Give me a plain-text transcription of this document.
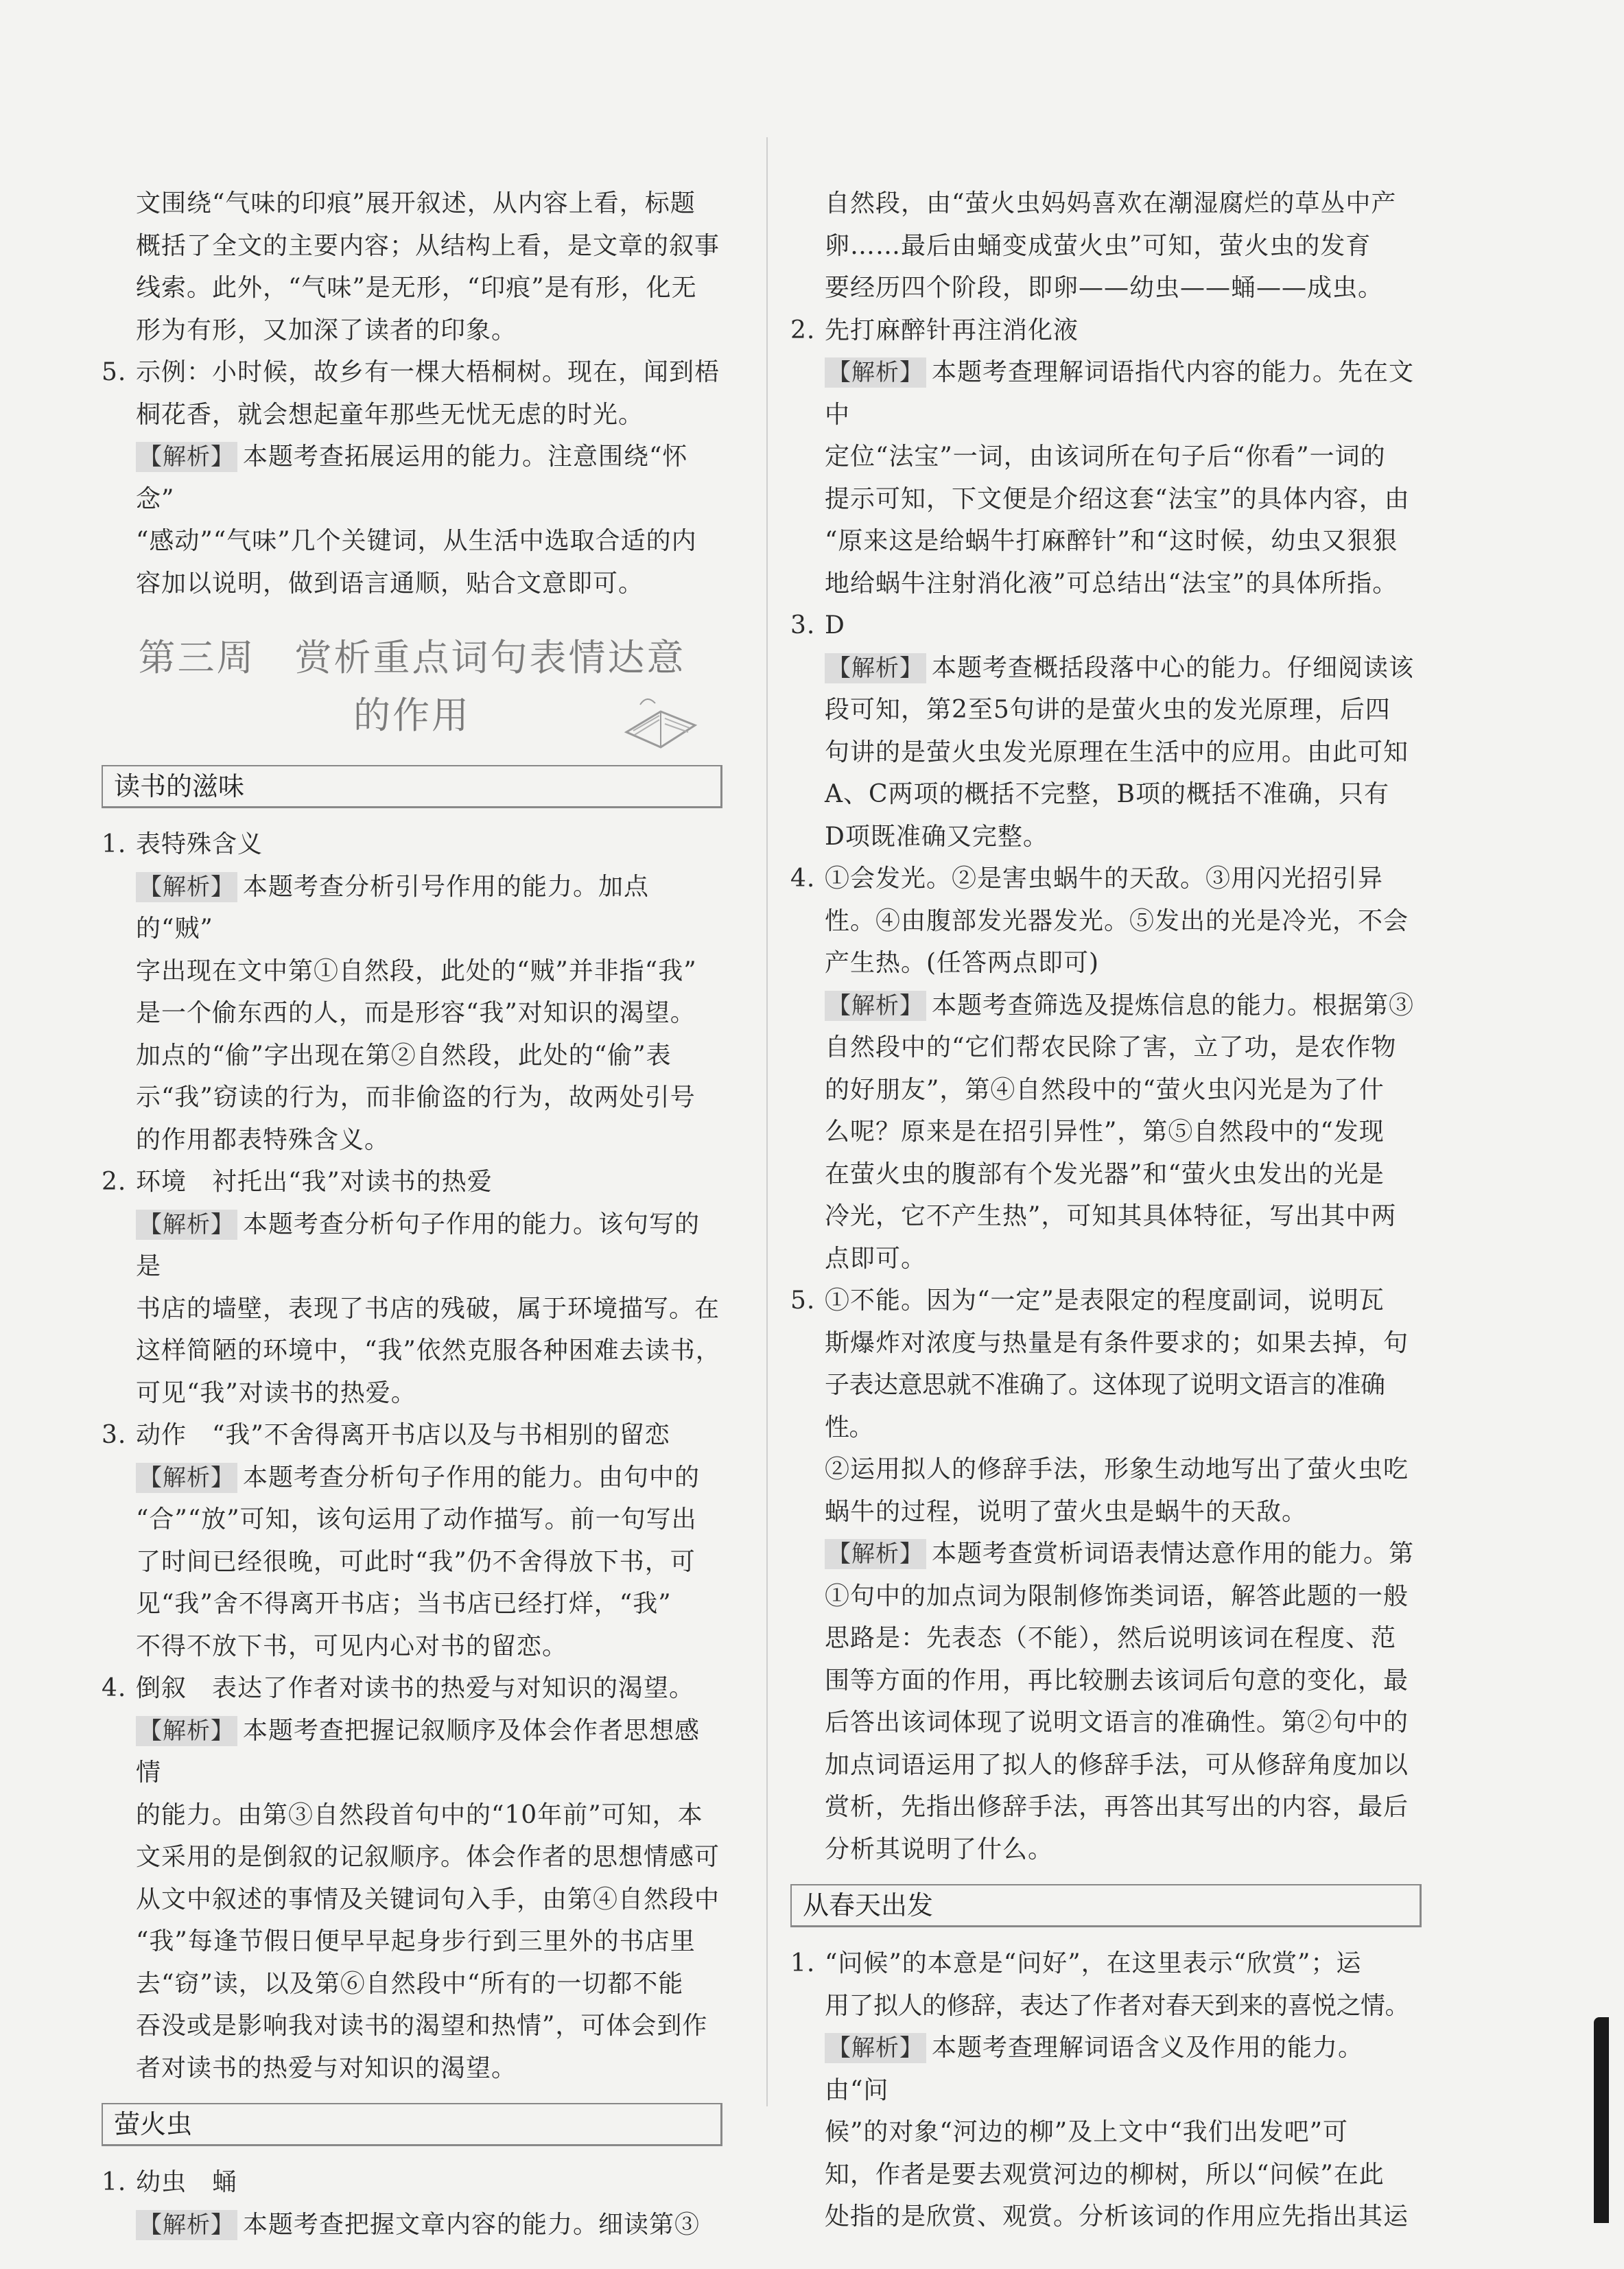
文围绕“气味的印痕”展开叙述，从内容上看，标题

概括了全文的主要内容；从结构上看，是文章的叙事

线索。此外，“气味”是无形，“印痕”是有形，化无

形为有形，又加深了读者的印象。

5. 示例：小时候，故乡有一棵大梧桐树。现在，闻到梧

桐花香，就会想起童年那些无忧无虑的时光。

【解析】 本题考查拓展运用的能力。注意围绕“怀念”

“感动”“气味”几个关键词，从生活中选取合适的内

容加以说明，做到语言通顺，贴合文意即可。

第三周　赏析重点词句表情达意
的作用
读书的滋味

1. 表特殊含义

【解析】 本题考查分析引号作用的能力。加点的“贼”

字出现在文中第①自然段，此处的“贼”并非指“我”

是一个偷东西的人，而是形容“我”对知识的渴望。

加点的“偷”字出现在第②自然段，此处的“偷”表

示“我”窃读的行为，而非偷盗的行为，故两处引号

的作用都表特殊含义。

2. 环境　衬托出“我”对读书的热爱

【解析】 本题考查分析句子作用的能力。该句写的是

书店的墙壁，表现了书店的残破，属于环境描写。在

这样简陋的环境中，“我”依然克服各种困难去读书，

可见“我”对读书的热爱。

3. 动作　“我”不舍得离开书店以及与书相别的留恋

【解析】 本题考查分析句子作用的能力。由句中的

“合”“放”可知，该句运用了动作描写。前一句写出

了时间已经很晚，可此时“我”仍不舍得放下书，可

见“我”舍不得离开书店；当书店已经打烊，“我”

不得不放下书，可见内心对书的留恋。

4. 倒叙　表达了作者对读书的热爱与对知识的渴望。

【解析】 本题考查把握记叙顺序及体会作者思想感情

的能力。由第③自然段首句中的“10年前”可知，本

文采用的是倒叙的记叙顺序。体会作者的思想情感可

从文中叙述的事情及关键词句入手，由第④自然段中

“我”每逢节假日便早早起身步行到三里外的书店里

去“窃”读，以及第⑥自然段中“所有的一切都不能

吞没或是影响我对读书的渴望和热情”，可体会到作

者对读书的热爱与对知识的渴望。

萤火虫

1. 幼虫　蛹

【解析】 本题考查把握文章内容的能力。细读第③

自然段，由“萤火虫妈妈喜欢在潮湿腐烂的草丛中产

卵……最后由蛹变成萤火虫”可知，萤火虫的发育

要经历四个阶段，即卵——幼虫——蛹——成虫。

2. 先打麻醉针再注消化液

【解析】 本题考查理解词语指代内容的能力。先在文中

定位“法宝”一词，由该词所在句子后“你看”一词的

提示可知，下文便是介绍这套“法宝”的具体内容，由

“原来这是给蜗牛打麻醉针”和“这时候，幼虫又狠狠

地给蜗牛注射消化液”可总结出“法宝”的具体所指。

3. D

【解析】 本题考查概括段落中心的能力。仔细阅读该

段可知，第2至5句讲的是萤火虫的发光原理，后四

句讲的是萤火虫发光原理在生活中的应用。由此可知

A、C两项的概括不完整，B项的概括不准确，只有

D项既准确又完整。

4. ①会发光。②是害虫蜗牛的天敌。③用闪光招引异

性。④由腹部发光器发光。⑤发出的光是冷光，不会

产生热。(任答两点即可)

【解析】 本题考查筛选及提炼信息的能力。根据第③

自然段中的“它们帮农民除了害，立了功，是农作物

的好朋友”，第④自然段中的“萤火虫闪光是为了什

么呢？原来是在招引异性”，第⑤自然段中的“发现

在萤火虫的腹部有个发光器”和“萤火虫发出的光是

冷光，它不产生热”，可知其具体特征，写出其中两

点即可。

5. ①不能。因为“一定”是表限定的程度副词，说明瓦

斯爆炸对浓度与热量是有条件要求的；如果去掉，句

子表达意思就不准确了。这体现了说明文语言的准确性。

②运用拟人的修辞手法，形象生动地写出了萤火虫吃

蜗牛的过程，说明了萤火虫是蜗牛的天敌。

【解析】 本题考查赏析词语表情达意作用的能力。第

①句中的加点词为限制修饰类词语，解答此题的一般

思路是：先表态（不能），然后说明该词在程度、范

围等方面的作用，再比较删去该词后句意的变化，最

后答出该词体现了说明文语言的准确性。第②句中的

加点词语运用了拟人的修辞手法，可从修辞角度加以

赏析，先指出修辞手法，再答出其写出的内容，最后

分析其说明了什么。

从春天出发

1. “问候”的本意是“问好”，在这里表示“欣赏”；运

用了拟人的修辞，表达了作者对春天到来的喜悦之情。

【解析】 本题考查理解词语含义及作用的能力。由“问

候”的对象“河边的柳”及上文中“我们出发吧”可

知，作者是要去观赏河边的柳树，所以“问候”在此

处指的是欣赏、观赏。分析该词的作用应先指出其运
